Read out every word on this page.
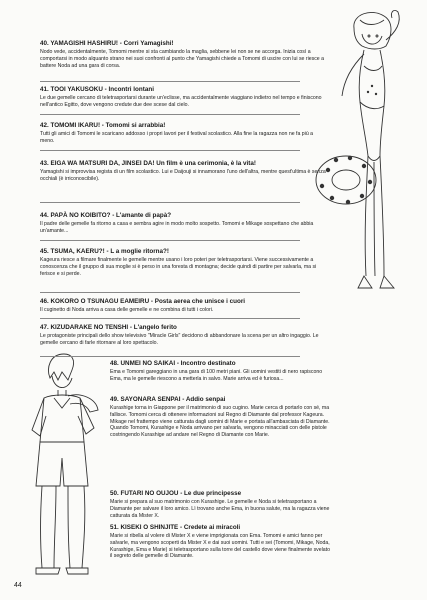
40. YAMAGISHI HASHIRU! - Corri Yamagishi!
Nodo vede, accidentalmente, Tomomi mentre si sta cambiando la maglia, sebbene lei non se ne accorga. Inizia così a comportarsi in modo alquanto strano nei suoi confronti al punto che Yamagishi chiede a Tomomi di uscire con lui se riesce a battere Noda ad una gara di corsa.
41. TOOI YAKUSOKU - Incontri lontani
Le due gemelle cercano di teletrasportarsi durante un'eclisse, ma accidentalmente viaggiano indietro nel tempo e finiscono nell'antico Egitto, dove vengono credute due dee scese dal cielo.
42. TOMOMI IKARU! - Tomomi si arrabbia!
Tutti gli amici di Tomomi le scaricano addosso i propri lavori per il festival scolastico. Alla fine la ragazza non ne fa più a meno.
43. EIGA WA MATSURI DA, JINSEI DA! Un film è una cerimonia, è la vita!
Yamagishi si improvvisa regista di un film scolastico. Lui e Daijouji si innamorano l'uno dell'altra, mentre quest'ultima è senza occhiali (è irriconoscibile).
44. PAPÀ NO KOIBITO? - L'amante di papà?
Il padre delle gemelle fa ritorno a casa e sembra agire in modo molto sospetto. Tomomi e Mikage sospettano che abbia un'amante...
45. TSUMA, KAERU?! - L a moglie ritorna?!
Kageura riesce a filmare finalmente le gemelle mentre usano i loro poteri per teletrasportarsi. Viene successivamente a conoscenza che il gruppo di sua moglie si è perso in una foresta di montagna; decide quindi di partire per salvarla, ma si ferisce e si perde.
46. KOKORO O TSUNAGU EAMEIRU - Posta aerea che unisce i cuori
Il cuginetto di Noda arriva a casa delle gemelle e ne combina di tutti i colori.
47. KIZUDARAKE NO TENSHI - L'angelo ferito
Le protagoniste principali dello show televisivo "Miracle Girls" decidono di abbandonare la scena per un altro ingaggio. Le gemelle cercano di farle ritornare al loro spettacolo.
48. UNMEI NO SAIKAI - Incontro destinato
Ema e Tomomi gareggiano in una gara di 100 metri piani. Gli uomini vestiti di nero rapiscono Ema, ma le gemelle riescono a metterla in salvo. Marie arriva ed è furiosa...
49. SAYONARA SENPAI - Addio senpai
Kurashige torna in Giappone per il matrimonio di suo cugino. Marie cerca di portarlo con sé, ma fallisce. Tomomi cerca di ottenere informazioni sul Regno di Diamante dal professor Kageura. Mikage nel frattempo viene catturata dagli uomini di Marie e portata all'ambasciata di Diamante. Quando Tomomi, Kurashige e Noda arrivano per salvarla, vengono minacciati con delle pistole costringendo Kurashige ad andare nel Regno di Diamante con Marie.
50. FUTARI NO OUJOU - Le due principesse
Marie si prepara al suo matrimonio con Kurashige. Le gemelle e Noda si teletrasportano a Diamante per salvare il loro amico. Lì trovano anche Ema, in buona salute, ma la ragazza viene catturata da Mister X.
51. KISEKI O SHINJITE - Credete ai miracoli
Marie si ribella al volere di Mister X e viene imprigionata con Ema. Tomomi e amici fanno per salvarle, ma vengono scoperti da Mister X e dai suoi uomini. Tutti e sei (Tomomi, Mikage, Noda, Kurashige, Ema e Marie) si teletrasportano sulla torre del castello dove viene finalmente svelato il segreto delle gemelle di Diamante.
44
